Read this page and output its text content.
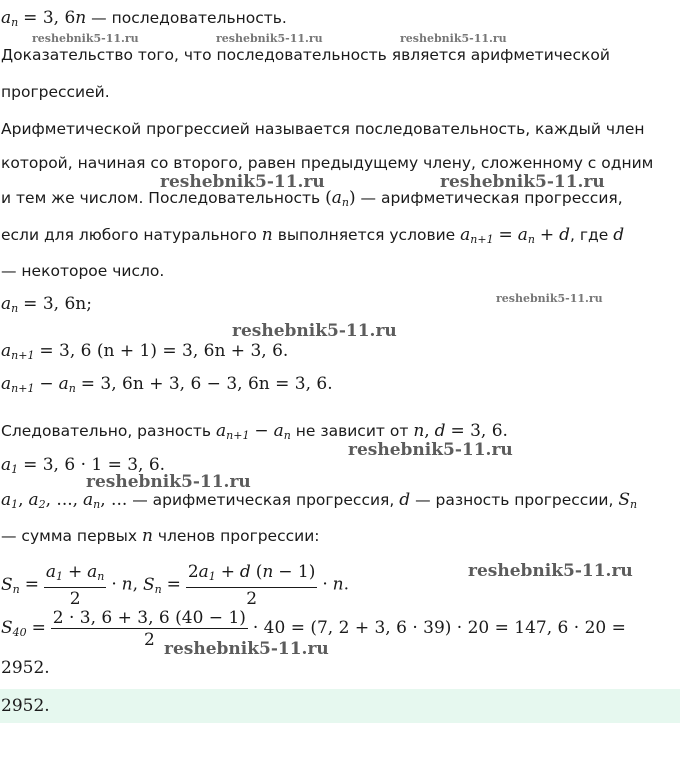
$a_n = 3$, 6n — последовательность.
reshebnik5-11.ru	reshebnik5-11.ru	reshebnik5-11.ru
Доказательство того, что последовательность является арифметической
прогрессией.
Арифметической прогрессией называется последовательность, каждый член
которой, начиная со второго, равен предыдущему члену, сложенному с одним
reshebnik5-11.ru	reshebnik5-11.ru
и тем же числом. Последовательность $(a_n)$ — арифметическая прогрессия,
если для любого натурального n выполняется условие $a_{n+1} = a_n + d$, где d
— некоторое число.
$a_n = 3$, 6n;	reshebnik5-11.ru
reshebnik5-11.ru
$a_{n+1} = 3$, 6 (n + 1) = 3, 6n + 3, 6.
$a_{n+1} - a_n = 3$, 6n + 3, 6 − 3, 6n = 3, 6.
Следовательно, разность $a_{n+1} - a_n$ не зависит от n, d = 3, 6.
reshebnik5-11.ru
$a_1 = 3$, 6 · 1 = 3, 6.
reshebnik5-11.ru
$a_1$, $a_2$, ..., $a_n$, ... — арифметическая прогрессия, d — разность прогрессии, $S_n$
— сумма первых n членов прогрессии:
$S_n = \frac{a_1 + a_n}{2} \cdot n$, $S_n = \frac{2a_1 + d (n - 1)}{2} \cdot n$.
reshebnik5-11.ru
$S_{40} = \frac{2 \cdot 3, 6 + 3, 6 (40 - 1)}{2} \cdot 40 = (7$, 2 + 3, 6 · 39) · 20 = 147, 6 · 20 =
reshebnik5-11.ru
2952.
2952.
